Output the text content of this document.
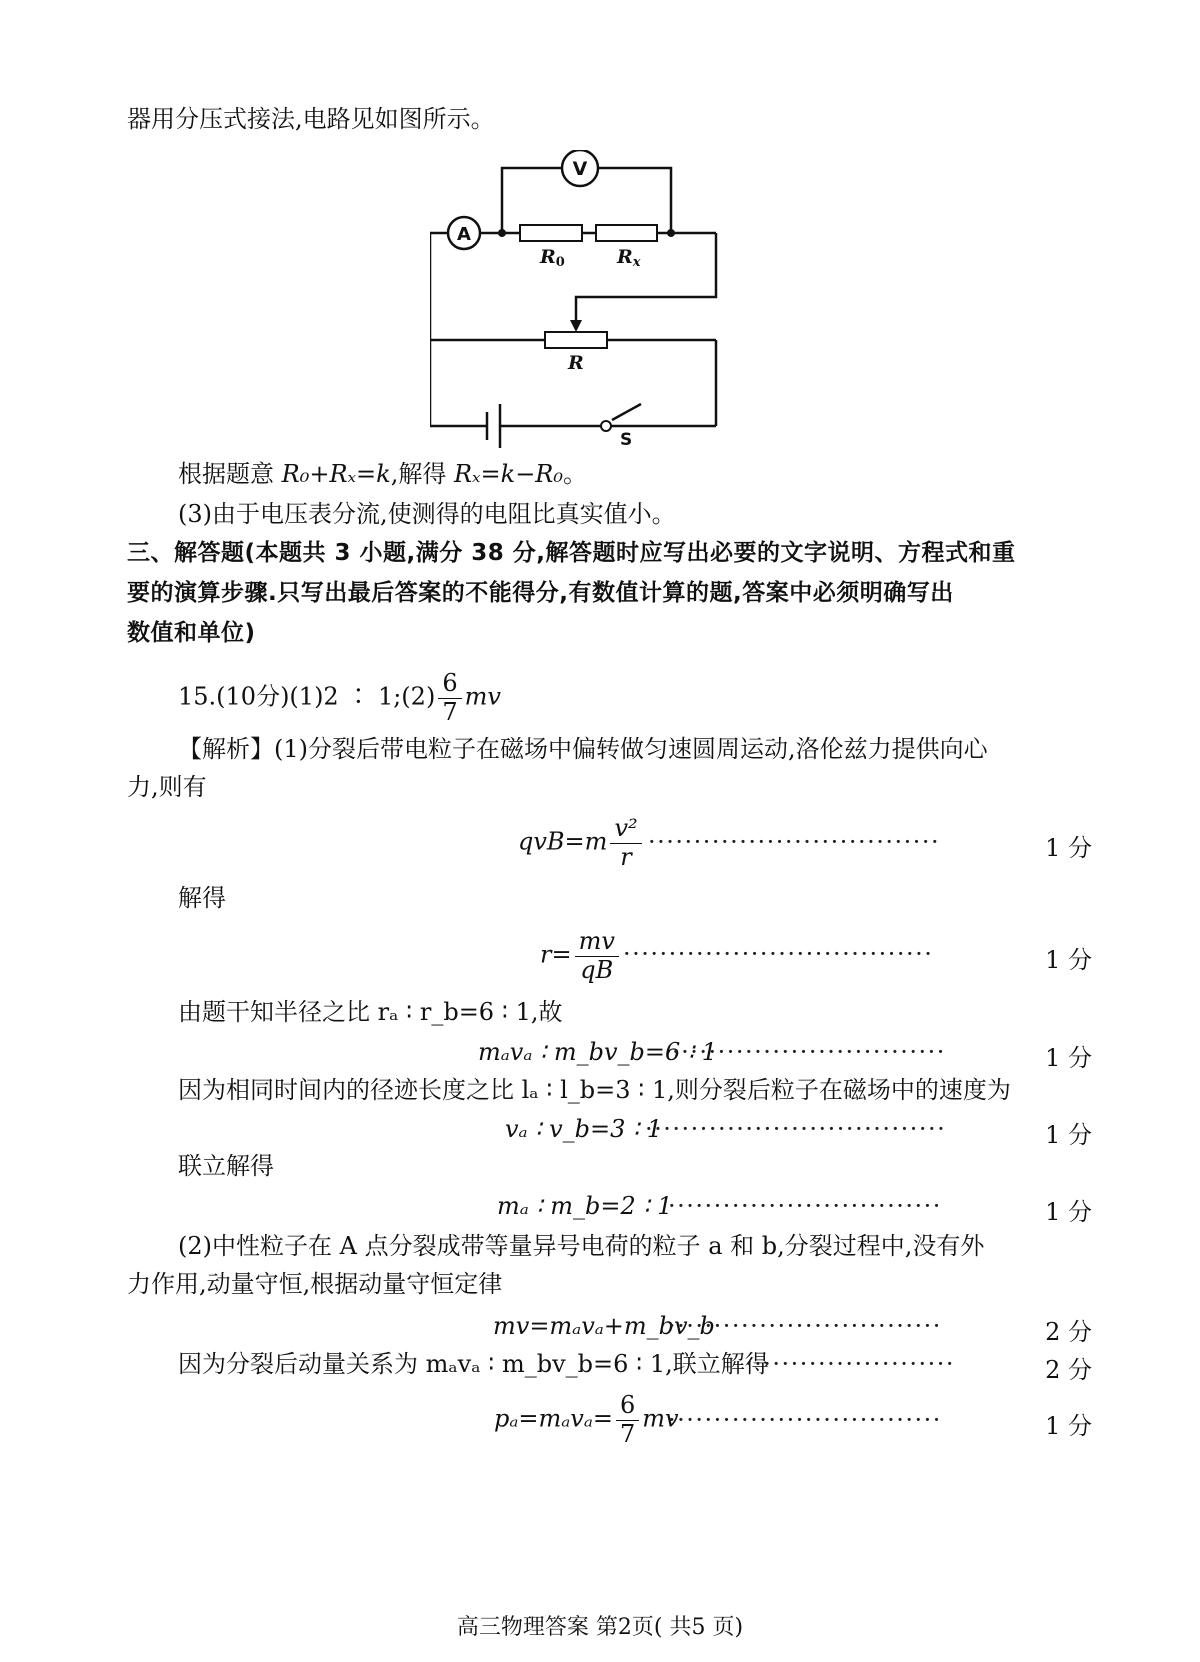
器用分压式接法,电路见如图所示。
V
A
R0	Rx
R
S
根据题意 R₀+Rₓ=k,解得 Rₓ=k−R₀。
(3)由于电压表分流,使测得的电阻比真实值小。
三、解答题(本题共 3 小题,满分 38 分,解答题时应写出必要的文字说明、方程式和重
要的演算步骤.只写出最后答案的不能得分,有数值计算的题,答案中必须明确写出
数值和单位)
15.(10分)(1)2 ∶ 1;(2) $\frac{6}{7}$ mv
【解析】(1)分裂后带电粒子在磁场中偏转做匀速圆周运动,洛伦兹力提供向心
力,则有
$qvB=m \frac{\text{v²}}{r}$ ································	1 分
解得
$r= \frac{mv}{qB}$ ··································	1 分
由题干知半径之比 rₐ ∶ r_b=6 ∶ 1,故
mₐvₐ ∶ m_bv_b=6 ∶ 1
······························	1 分
因为相同时间内的径迹长度之比 lₐ ∶ l_b=3 ∶ 1,则分裂后粒子在磁场中的速度为
vₐ ∶ v_b=3 ∶ 1
·································	1 分
联立解得
mₐ ∶ m_b=2 ∶ 1
······························	1 分
(2)中性粒子在 A 点分裂成带等量异号电荷的粒子 a 和 b,分裂过程中,没有外
力作用,动量守恒,根据动量守恒定律
mv=mₐvₐ+m_bv_b
······························	2 分
因为分裂后动量关系为 mₐvₐ ∶ m_bv_b=6 ∶ 1,联立解得
·······················	2 分
$p_a=m_av_a= \frac{6}{7}$ mv
······························	1 分
高三物理答案 第2页( 共5 页)
